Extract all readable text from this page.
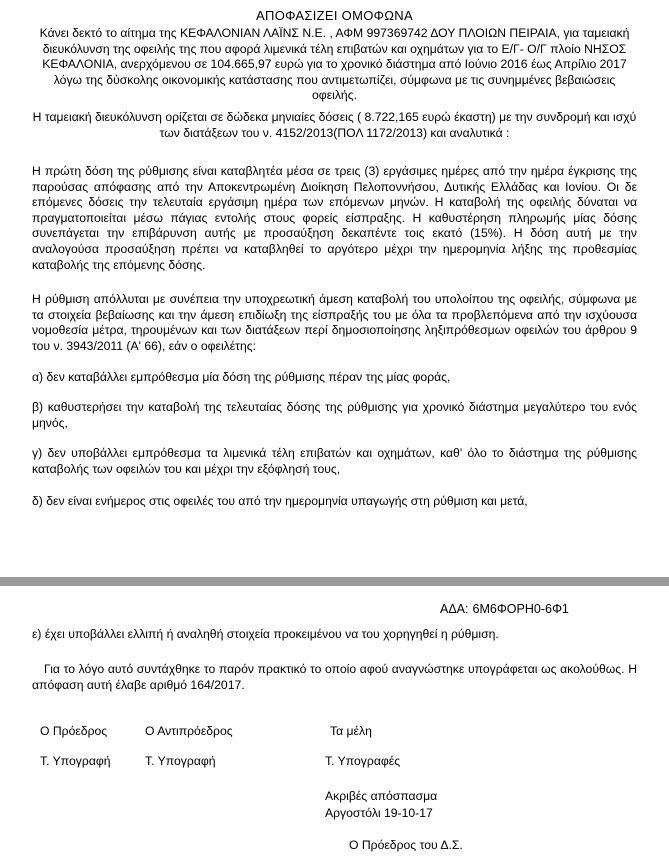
ΑΠΟΦΑΣΙΖΕΙ ΟΜΟΦΩΝΑ
Κάνει δεκτό το αίτημα της ΚΕΦΑΛΟΝΙΑΝ ΛΑΪΝΣ Ν.Ε. , ΑΦΜ 997369742 ΔΟΥ ΠΛΟΙΩΝ ΠΕΙΡΑΙΑ, για ταμειακή διευκόλυνση της οφειλής της που αφορά λιμενικά τέλη επιβατών και οχημάτων για το Ε/Γ- Ο/Γ πλοίο ΝΗΣΟΣ ΚΕΦΑΛΟΝΙΑ, ανερχόμενου σε 104.665,97 ευρώ για το χρονικό διάστημα από Ιούνιο 2016 έως Απρίλιο 2017 λόγω της δύσκολης οικονομικής κατάστασης που αντιμετωπίζει, σύμφωνα με τις συνημμένες βεβαιώσεις οφειλής.
Η ταμειακή διευκόλυνση ορίζεται σε δώδεκα μηνιαίες δόσεις ( 8.722,165 ευρώ έκαστη) με την συνδρομή και ισχύ των διατάξεων του ν. 4152/2013(ΠΟΛ 1172/2013) και αναλυτικά :
Η πρώτη δόση της ρύθμισης είναι καταβλητέα μέσα σε τρεις (3) εργάσιμες ημέρες από την ημέρα έγκρισης της παρούσας απόφασης από την Αποκεντρωμένη Διοίκηση Πελοποννήσου, Δυτικής Ελλάδας και Ιονίου. Οι δε επόμενες δόσεις την τελευταία εργάσιμη ημέρα των επόμενων μηνών. Η καταβολή της οφειλής δύναται να πραγματοποιείται μέσω πάγιας εντολής στους φορείς είσπραξης. Η καθυστέρηση πληρωμής μίας δόσης συνεπάγεται την επιβάρυνση αυτής με προσαύξηση δεκαπέντε τοις εκατό (15%). Η δόση αυτή με την αναλογούσα προσαύξηση πρέπει να καταβληθεί το αργότερο μέχρι την ημερομηνία λήξης της προθεσμίας καταβολής της επόμενης δόσης.
Η ρύθμιση απόλλυται με συνέπεια την υποχρεωτική άμεση καταβολή του υπολοίπου της οφειλής, σύμφωνα με τα στοιχεία βεβαίωσης και την άμεση επιδίωξη της είσπραξής του με όλα τα προβλεπόμενα από την ισχύουσα νομοθεσία μέτρα, τηρουμένων και των διατάξεων περί δημοσιοποίησης ληξιπρόθεσμων οφειλών του άρθρου 9 του ν. 3943/2011 (Α' 66), εάν ο οφειλέτης:
α) δεν καταβάλλει εμπρόθεσμα μία δόση της ρύθμισης πέραν της μίας φοράς,
β) καθυστερήσει την καταβολή της τελευταίας δόσης της ρύθμισης για χρονικό διάστημα μεγαλύτερο του ενός μηνός,
γ) δεν υποβάλλει εμπρόθεσμα τα λιμενικά τέλη επιβατών και οχημάτων, καθ' όλο το διάστημα της ρύθμισης καταβολής των οφειλών του και μέχρι την εξόφλησή τους,
δ) δεν είναι ενήμερος στις οφειλές του από την ημερομηνία υπαγωγής στη ρύθμιση και μετά,
ΑΔΑ: 6Μ6ΦΟΡΗ0-6Φ1
ε) έχει υποβάλλει ελλιπή ή αναληθή στοιχεία προκειμένου να του χορηγηθεί η ρύθμιση.
Για το λόγο αυτό συντάχθηκε το παρόν πρακτικό το οποίο αφού αναγνώστηκε υπογράφεται ως ακολούθως. Η απόφαση αυτή έλαβε αριθμό 164/2017.
Ο Πρόεδρος	Ο Αντιπρόεδρος	Τα μέλη
Τ. Υπογραφή	Τ. Υπογραφή	Τ. Υπογραφές
Ακριβές απόσπασμα
Αργοστόλι 19-10-17
Ο Πρόεδρος του Δ.Σ.
